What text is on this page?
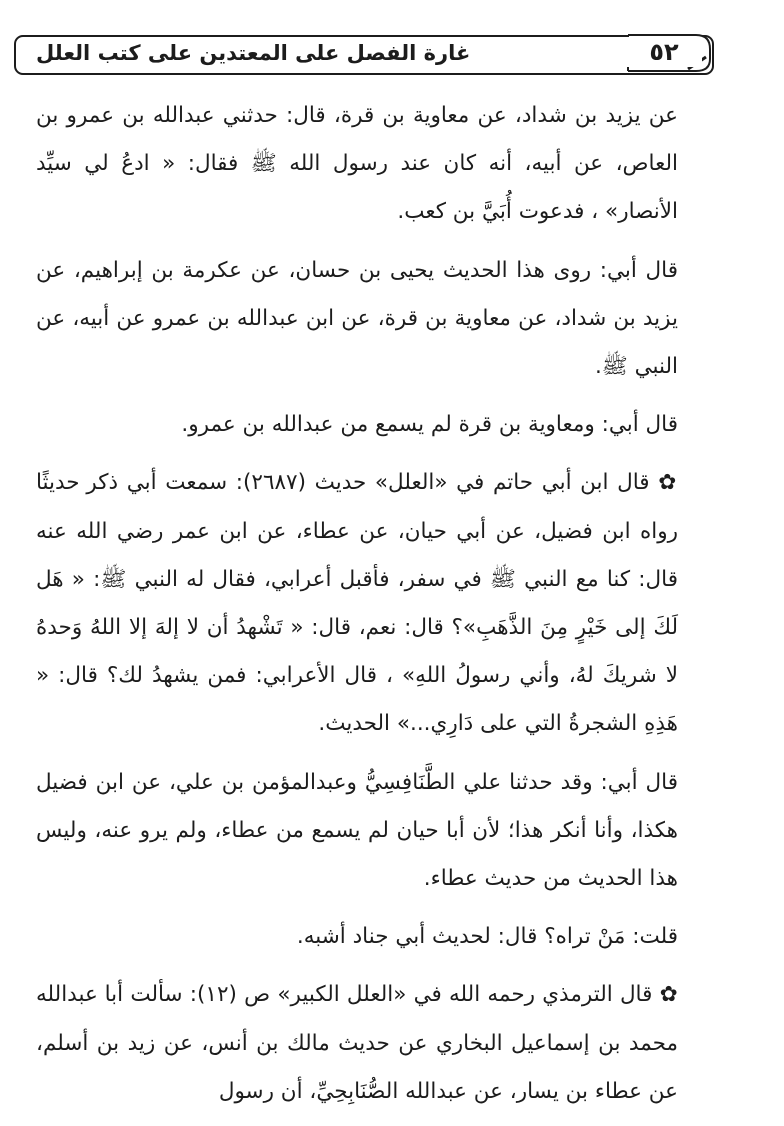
غارة الفصل على المعتدين على كتب العلل	٥٢

عن يزيد بن شداد، عن معاوية بن قرة، قال: حدثني عبدالله بن عمرو بن العاص، عن أبيه، أنه كان عند رسول الله ﷺ فقال: « ادعُ لي سيِّد الأنصار» ، فدعوت أُبَيَّ بن كعب.

قال أبي: روى هذا الحديث يحيى بن حسان، عن عكرمة بن إبراهيم، عن يزيد بن شداد، عن معاوية بن قرة، عن ابن عبدالله بن عمرو عن أبيه، عن النبي ﷺ.

قال أبي: ومعاوية بن قرة لم يسمع من عبدالله بن عمرو.

✿ قال ابن أبي حاتم في «العلل» حديث (٢٦٨٧): سمعت أبي ذكر حديثًا رواه ابن فضيل، عن أبي حيان، عن عطاء، عن ابن عمر رضي الله عنه قال: كنا مع النبي ﷺ في سفر، فأقبل أعرابي، فقال له النبي ﷺ: « هَل لَكَ إلى خَيْرٍ مِنَ الذَّهَبِ»؟ قال: نعم، قال: « تَشْهدُ أن لا إلهَ إلا اللهُ وَحدهُ لا شريكَ لهُ، وأني رسولُ اللهِ» ، قال الأعرابي: فمن يشهدُ لك؟ قال: « هَذِهِ الشجرةُ التي على دَارِي...» الحديث.

قال أبي: وقد حدثنا علي الطَّنَافِسِيُّ وعبدالمؤمن بن علي، عن ابن فضيل هكذا، وأنا أنكر هذا؛ لأن أبا حيان لم يسمع من عطاء، ولم يرو عنه، وليس هذا الحديث من حديث عطاء.

قلت: مَنْ تراه؟ قال: لحديث أبي جناد أشبه.

✿ قال الترمذي رحمه الله في «العلل الكبير» ص (١٢): سألت أبا عبدالله محمد بن إسماعيل البخاري عن حديث مالك بن أنس، عن زيد بن أسلم، عن عطاء بن يسار، عن عبدالله الصُّنَابِحِيِّ، أن رسول
